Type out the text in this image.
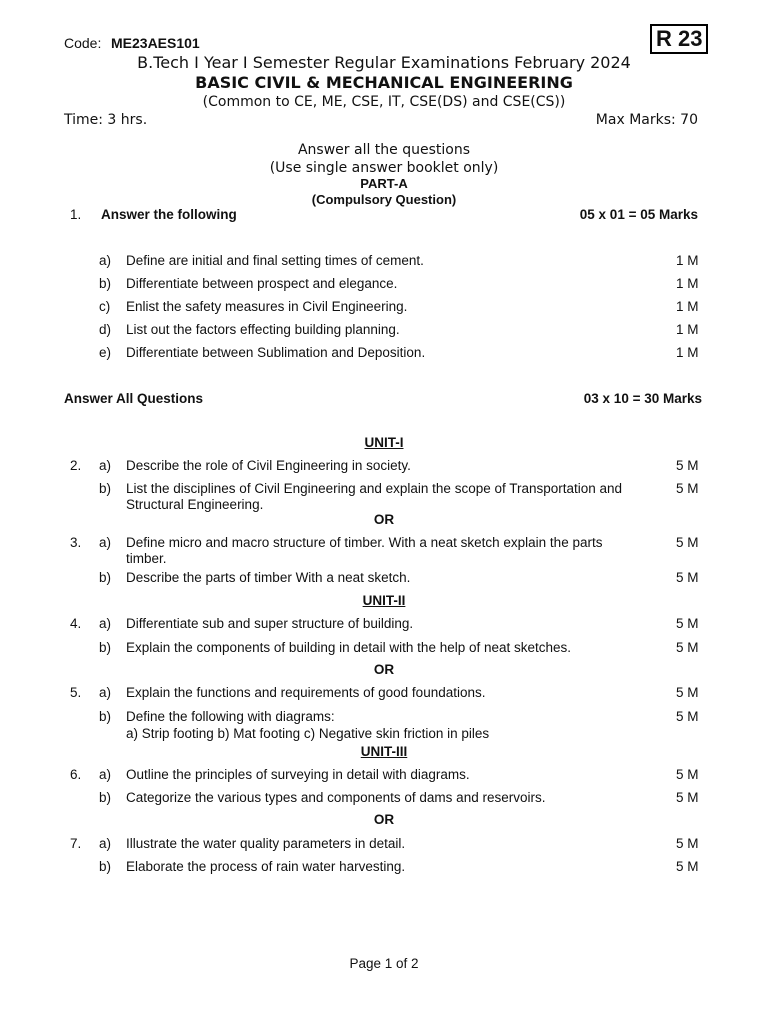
Code: ME23AES101	R 23
B.Tech I Year I Semester Regular Examinations February 2024
BASIC CIVIL & MECHANICAL ENGINEERING
(Common to CE, ME, CSE, IT, CSE(DS) and CSE(CS))
Time: 3 hrs.	Max Marks: 70
Answer all the questions
(Use single answer booklet only)
PART-A
(Compulsory Question)
1. Answer the following	05 x 01 = 05 Marks
a) Define are initial and final setting times of cement.	1 M
b) Differentiate between prospect and elegance.	1 M
c) Enlist the safety measures in Civil Engineering.	1 M
d) List out the factors effecting building planning.	1 M
e) Differentiate between Sublimation and Deposition.	1 M
Answer All Questions	03 x 10 = 30 Marks
UNIT-I
2. a) Describe the role of Civil Engineering in society.	5 M
b) List the disciplines of Civil Engineering and explain the scope of Transportation and Structural Engineering.
5 M
OR
3. a) Define micro and macro structure of timber. With a neat sketch explain the parts timber.
5 M
b) Describe the parts of timber With a neat sketch.	5 M
UNIT-II
4. a) Differentiate sub and super structure of building.	5 M
b) Explain the components of building in detail with the help of neat sketches.	5 M
OR
5. a) Explain the functions and requirements of good foundations.	5 M
b) Define the following with diagrams:
a) Strip footing b) Mat footing c) Negative skin friction in piles
5 M
UNIT-III
6. a) Outline the principles of surveying in detail with diagrams.	5 M
b) Categorize the various types and components of dams and reservoirs.	5 M
OR
7. a) Illustrate the water quality parameters in detail.	5 M
b) Elaborate the process of rain water harvesting.	5 M
Page 1 of 2
